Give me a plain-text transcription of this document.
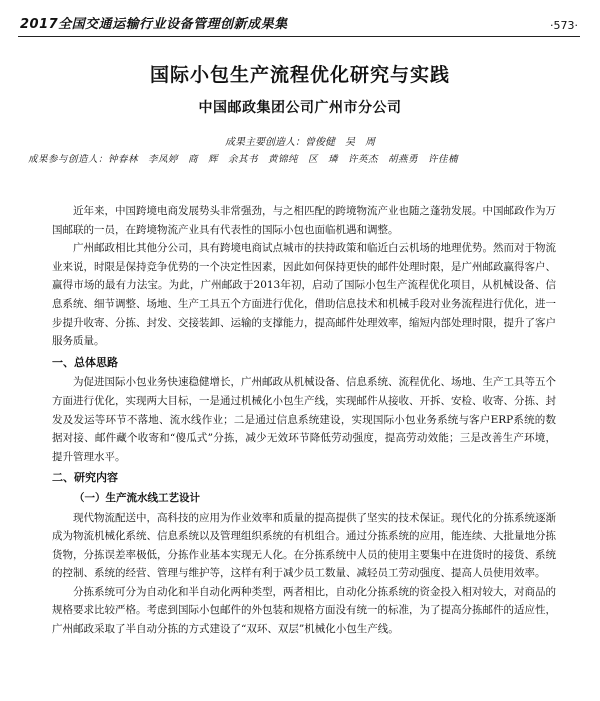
2017全国交通运输行业设备管理创新成果集	·573·
国际小包生产流程优化研究与实践
中国邮政集团公司广州市分公司
成果主要创造人：曾俊健　吴　周
成果参与创造人：钟春林　李凤婷　商　辉　余其书　黄锦纯　区　璘　许英杰　胡燕勇　许佳楠

近年来，中国跨境电商发展势头非常强劲，与之相匹配的跨境物流产业也随之蓬勃发展。中国邮政作为万国邮联的一员，在跨境物流产业具有代表性的国际小包也面临机遇和调整。

广州邮政相比其他分公司，具有跨境电商试点城市的扶持政策和临近白云机场的地理优势。然而对于物流业来说，时限是保持竞争优势的一个决定性因素，因此如何保持更快的邮件处理时限，是广州邮政赢得客户、赢得市场的最有力法宝。为此，广州邮政于2013年初，启动了国际小包生产流程优化项目，从机械设备、信息系统、细节调整、场地、生产工具五个方面进行优化，借助信息技术和机械手段对业务流程进行优化，进一步提升收寄、分拣、封发、交接装卸、运输的支撑能力，提高邮件处理效率，缩短内部处理时限，提升了客户服务质量。

一、总体思路

为促进国际小包业务快速稳健增长，广州邮政从机械设备、信息系统、流程优化、场地、生产工具等五个方面进行优化，实现两大目标，一是通过机械化小包生产线，实现邮件从接收、开拆、安检、收寄、分拣、封发及发运等环节不落地、流水线作业；二是通过信息系统建设，实现国际小包业务系统与客户ERP系统的数据对接、邮件藏个收寄和“傻瓜式”分拣，减少无效环节降低劳动强度，提高劳动效能；三是改善生产环境，提升管理水平。

二、研究内容
（一）生产流水线工艺设计

现代物流配送中，高科技的应用为作业效率和质量的提高提供了坚实的技术保证。现代化的分拣系统逐渐成为物流机械化系统、信息系统以及管理组织系统的有机组合。通过分拣系统的应用，能连续、大批量地分拣货物，分拣误差率极低，分拣作业基本实现无人化。在分拣系统中人员的使用主要集中在进货时的接货、系统的控制、系统的经营、管理与维护等，这样有利于减少员工数量、减轻员工劳动强度、提高人员使用效率。

分拣系统可分为自动化和半自动化两种类型，两者相比，自动化分拣系统的资金投入相对较大，对商品的规格要求比较严格。考虑到国际小包邮件的外包装和规格方面没有统一的标准，为了提高分拣邮件的适应性，广州邮政采取了半自动分拣的方式建设了“双环、双层”机械化小包生产线。
